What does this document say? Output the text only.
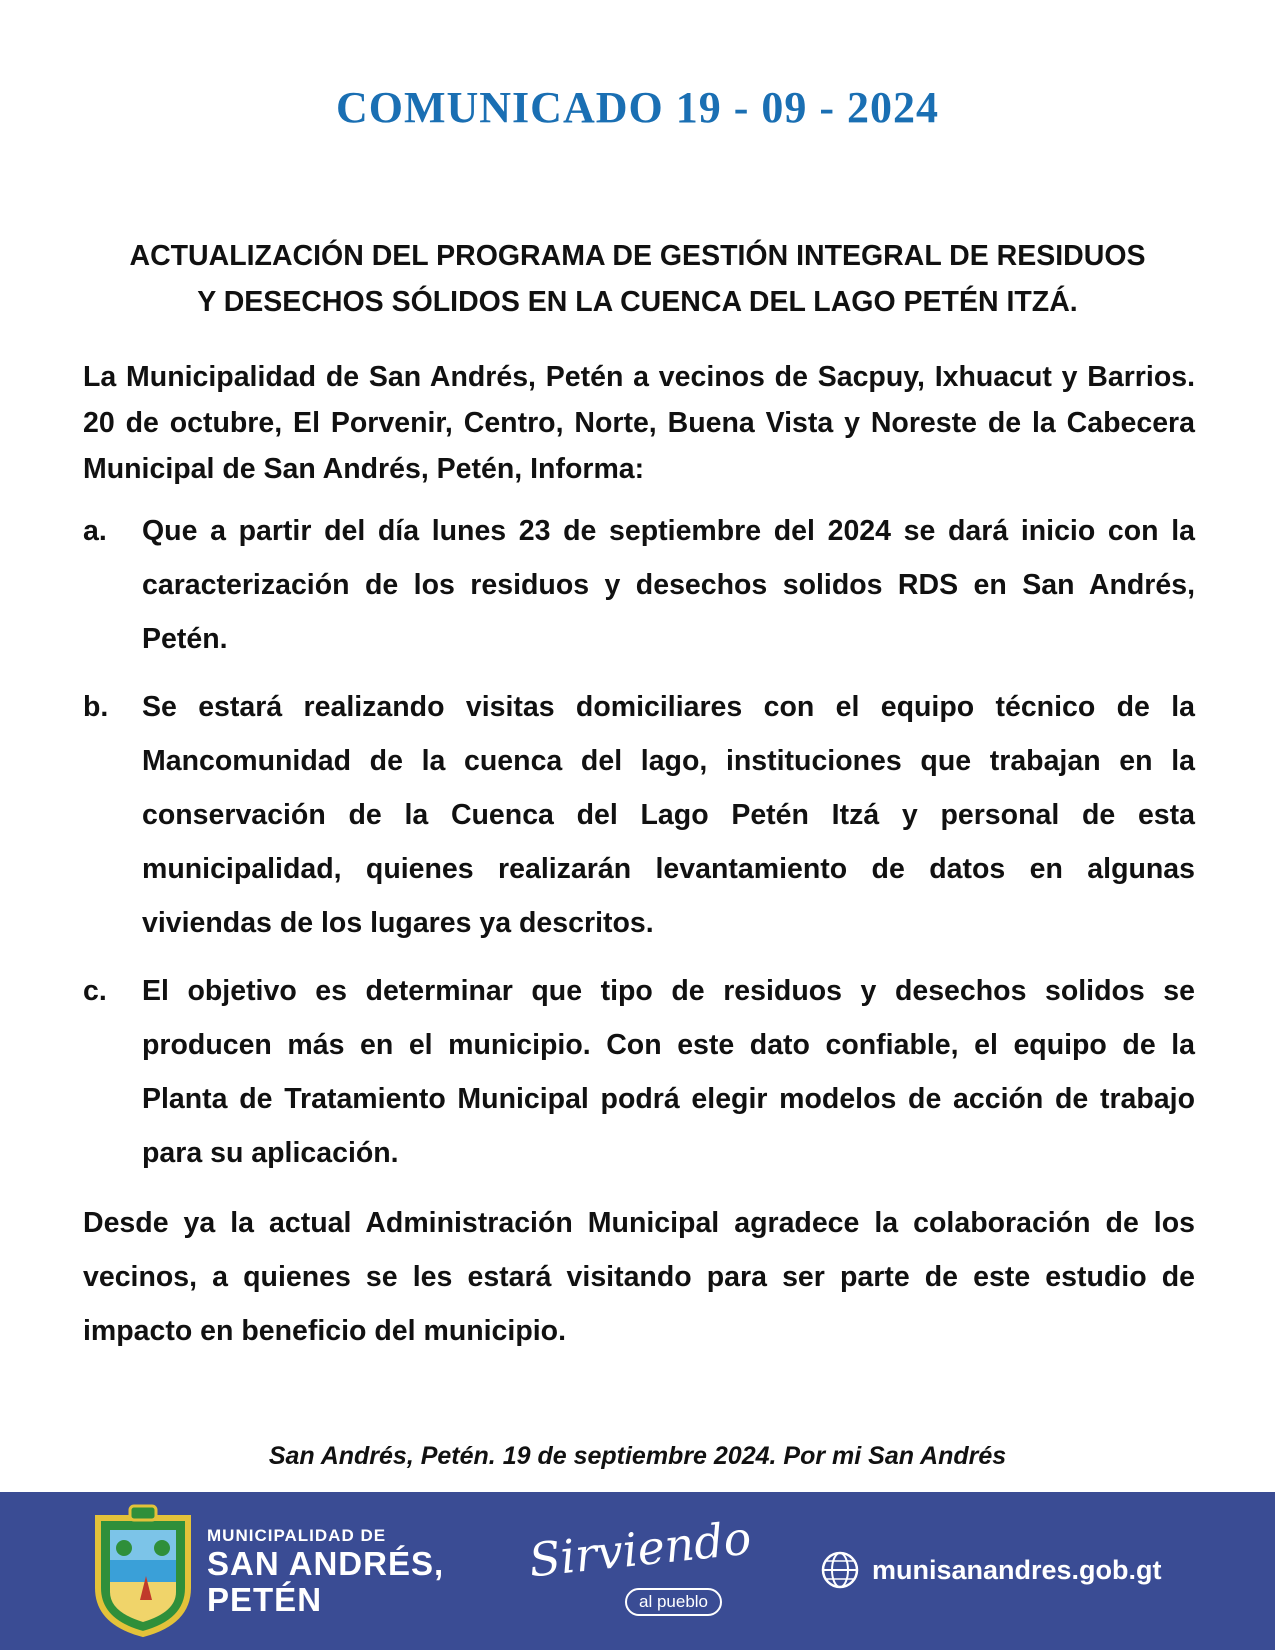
COMUNICADO 19 - 09 - 2024
ACTUALIZACIÓN DEL PROGRAMA DE GESTIÓN INTEGRAL DE RESIDUOS
Y DESECHOS SÓLIDOS EN LA CUENCA DEL LAGO PETÉN ITZÁ.

La Municipalidad de San Andrés, Petén a vecinos de Sacpuy, Ixhuacut y Barrios. 20 de octubre, El Porvenir, Centro, Norte, Buena Vista y Noreste de la Cabecera Municipal de San Andrés, Petén, Informa:

a. Que a partir del día lunes 23 de septiembre del 2024 se dará inicio con la caracterización de los residuos y desechos solidos RDS en San Andrés, Petén.

b. Se estará realizando visitas domiciliares con el equipo técnico de la Mancomunidad de la cuenca del lago, instituciones que trabajan en la conservación de la Cuenca del Lago Petén Itzá y personal de esta municipalidad, quienes realizarán levantamiento de datos en algunas viviendas de los lugares ya descritos.

c. El objetivo es determinar que tipo de residuos y desechos solidos se producen más en el municipio. Con este dato confiable, el equipo de la Planta de Tratamiento Municipal podrá elegir modelos de acción de trabajo para su aplicación.

Desde ya la actual Administración Municipal agradece la colaboración de los vecinos, a quienes se les estará visitando para ser parte de este estudio de impacto en beneficio del municipio.

San Andrés, Petén. 19 de septiembre 2024. Por mi San Andrés

MUNICIPALIDAD DE
SAN ANDRÉS,
PETÉN

Sirviendo

al pueblo

munisanandres.gob.gt
